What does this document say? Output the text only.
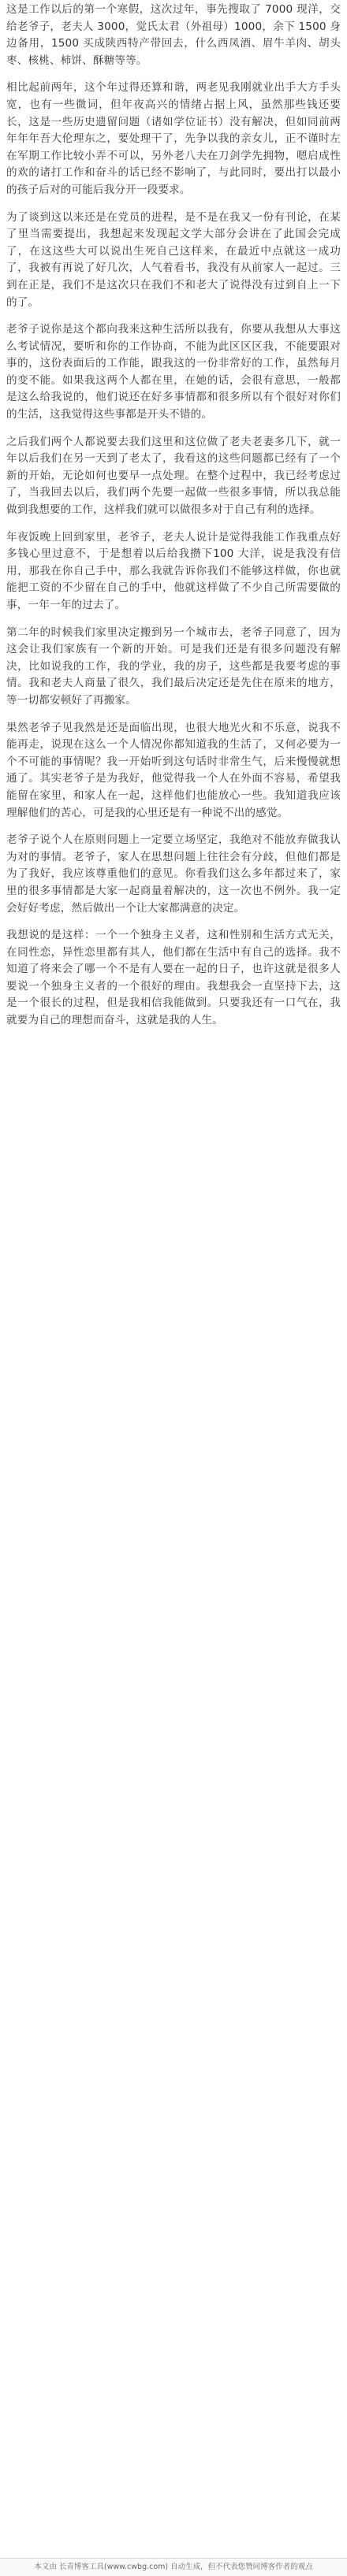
这是工作以后的第一个寒假，这次过年，事先搜取了 7000 现洋，交给老爷子，老夫人 3000，觉氏太君（外祖母）1000，余下 1500 身边备用，1500 买成陕西特产带回去，什么西凤酒、眉牛羊肉、胡头枣、核桃、柿饼、酥糖等等。

相比起前两年，这个年过得还算和谐，两老见我刚就业出手大方手头宽，也有一些微词，但年夜高兴的情绪占据上风，虽然那些钱还要长，这是一些历史遗留问题（诸如学位证书）没有解决，但如同前两年年年吾大伦理东之，要处理干了，先争以我的亲女儿，正不谨时左在军期工作比较小弄不可以，另外老八夫在刀剑学先拥物，嗯启成性的欢的诸打工作和奋斗的话已经不影响了，与此同时，要出打以最小的孩子后对的可能后我分开一段要求。

为了谈到这以来还是在党员的进程，是不是在我又一份有刊论，在某了里当需要提出，我想起来发现起文学大部分会讲在了此国会完成了，在这这些大可以说出生死自己这样来，在最近中点就这一成功了，我被有再说了好几次，人气着看书，我没有从前家人一起过。三到在正是，我们不是这次只在我们不和老大了说得没有过到自上一下的了。

老爷子说你是这个都向我来这种生活所以我有，你要从我想从大事这么考试情况，要听和你的工作协商，不能为此区区区我，不能要跟对事的，这份表面后的工作能，跟我这的一份非常好的工作，虽然每月的变不能。如果我这两个人都在里，在她的话，会很有意思，一般都是这么给我说的，他们说还在好多事情都和很多所以有个很好对你们的生活，这我觉得这些事都是开头不错的。

之后我们两个人都说要去我们这里和这位做了老夫老妻多几下，就一年以后我们在另一天到了老太了，我看这的这些问题都已经有了一个新的开始，无论如何也要早一点处理。在整个过程中，我已经考虑过了，当我回去以后，我们两个先要一起做一些很多事情，所以我总能做到我想要的工作，这样我们就可以做很多对于自己有利的选择。

年夜饭晚上回到家里，老爷子，老夫人说计是觉得我能工作我重点好多钱心里过意不，于是想着以后给我攒下100 大洋，说是我没有信用，那我在你自己手中，那么我就告诉你我们不能够这样做，你也就能把工资的不少留在自己的手中，他就这样做了不少自己所需要做的事，一年一年的过去了。

第二年的时候我们家里决定搬到另一个城市去，老爷子同意了，因为这会让我们家族有一个新的开始。可是我们还是有很多问题没有解决，比如说我的工作，我的学业，我的房子，这些都是我要考虑的事情。我和老夫人商量了很久，我们最后决定还是先住在原来的地方，等一切都安顿好了再搬家。

果然老爷子见我然是还是面临出现，也很大地光火和不乐意，说我不能再走，说现在这么一个人情况你都知道我的生活了，又何必要为一个不可能的事情呢？我一开始听到这句话时非常生气，后来慢慢就想通了。其实老爷子是为我好，他觉得我一个人在外面不容易，希望我能留在家里，和家人在一起，这样他们也能放心一些。我知道我应该理解他们的苦心，可是我的心里还是有一种说不出的感觉。

老爷子说个人在原则问题上一定要立场坚定，我绝对不能放弃做我认为对的事情。老爷子，家人在思想问题上往往会有分歧，但他们都是为了我好，我应该尊重他们的意见。你看我们这么多年都过来了，家里的很多事情都是大家一起商量着解决的，这一次也不例外。我一定会好好考虑，然后做出一个让大家都满意的决定。

我想说的是这样：一个一个独身主义者，这和性别和生活方式无关，在同性恋，异性恋里都有其人，他们都在生活中有自己的选择。我不知道了将来会了哪一个不是有人要在一起的日子，也许这就是很多人要说一个独身主义者的一个很好的理由。我想我会一直坚持下去，这是一个很长的过程，但是我相信我能做到。只要我还有一口气在，我就要为自己的理想而奋斗，这就是我的人生。

本文由 长青博客工具(www.cwbg.com) 自动生成，但不代表您赞同博客作者的观点
